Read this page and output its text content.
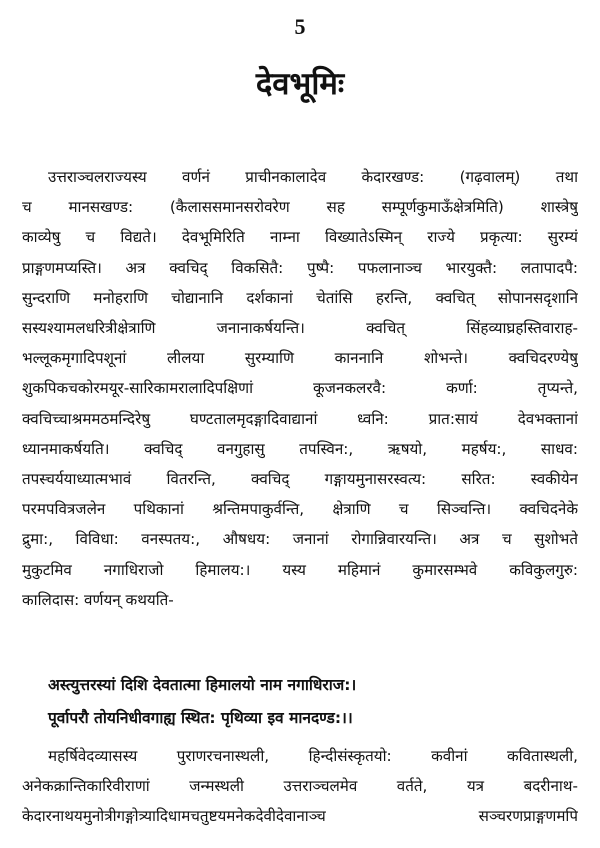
5
देवभूमिः
उत्तराञ्चलराज्यस्य वर्णनं प्राचीनकालादेव केदारखण्ड: (गढ़वालम्) तथा
च मानसखण्ड: (कैलाससमानसरोवरेण सह सम्पूर्णकुमाऊँक्षेत्रमिति) शास्त्रेषु
काव्येषु च विद्यते। देवभूमिरिति नाम्ना विख्यातेऽस्मिन् राज्ये प्रकृत्या: सुरम्यं
प्राङ्गणमप्यस्ति। अत्र क्वचिद् विकसितै: पुष्पै: पफलानाञ्च भारयुक्तै: लतापादपै:
सुन्दराणि मनोहराणि चोद्यानानि दर्शकानां चेतांसि हरन्ति, क्वचित् सोपानसदृशानि
सस्यश्यामलधरित्रीक्षेत्राणि जनानाकर्षयन्ति। क्वचित् सिंहव्याघ्रहस्तिवाराह-
भल्लूकमृगादिपशूनां लीलया सुरम्याणि काननानि शोभन्ते। क्वचिदरण्येषु
शुकपिकचकोरमयूर-सारिकामरालादिपक्षिणां कूजनकलरवै: कर्णा: तृप्यन्ते,
क्वचिच्चाश्रममठमन्दिरेषु घण्टतालमृदङ्गादिवाद्यानां ध्वनि: प्रात:सायं देवभक्तानां
ध्यानमाकर्षयति। क्वचिद् वनगुहासु तपस्विन:, ऋषयो, महर्षय:, साधव:
तपस्चर्ययाध्यात्मभावं वितरन्ति, क्वचिद् गङ्गायमुनासरस्वत्य: सरित: स्वकीयेन
परमपवित्रजलेन पथिकानां श्रन्तिमपाकुर्वन्ति, क्षेत्राणि च सिञ्चन्ति। क्वचिदनेके
द्रुमा:, विविधा: वनस्पतय:, औषधय: जनानां रोगान्निवारयन्ति। अत्र च सुशोभते
मुकुटमिव नगाधिराजो हिमालय:। यस्य महिमानं कुमारसम्भवे कविकुलगुरु:
कालिदास: वर्णयन् कथयति-
अस्त्युत्तरस्यां दिशि देवतात्मा हिमालयो नाम नगाधिराज:।
पूर्वापरौ तोयनिधीवगाह्य स्थित: पृथिव्या इव मानदण्ड:।।
महर्षिवेदव्यासस्य पुराणरचनास्थली, हिन्दीसंस्कृतयो: कवीनां कवितास्थली,
अनेकक्रान्तिकारिवीराणां जन्मस्थली उत्तराञ्चलमेव वर्तते, यत्र बदरीनाथ-
केदारनाथयमुनोत्रीगङ्गोत्र्यादिधामचतुष्टयमनेकदेवीदेवानाञ्च सञ्चरणप्राङ्गणमपि
